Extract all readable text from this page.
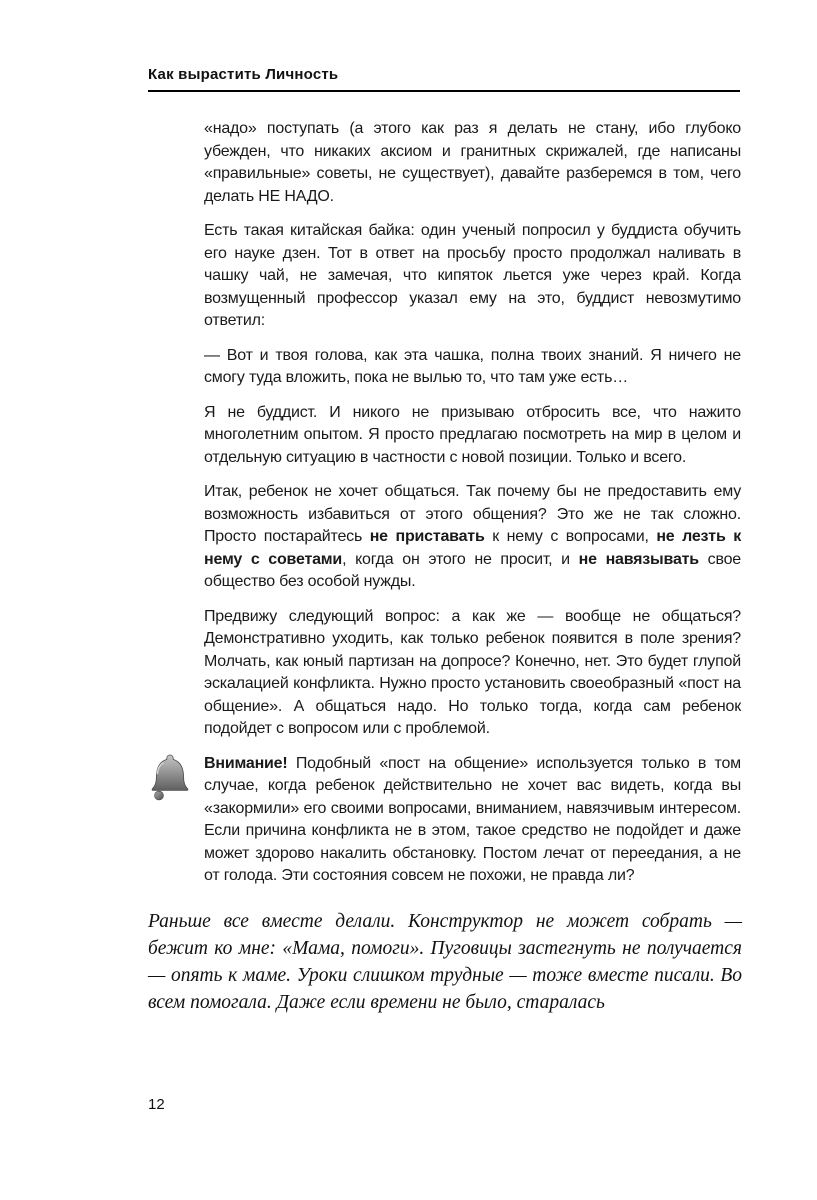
Как вырастить Личность

«надо» поступать (а этого как раз я делать не стану, ибо глубоко убежден, что никаких аксиом и гранитных скрижалей, где написаны «правильные» советы, не существует), давайте разберемся в том, чего делать НЕ НАДО.

Есть такая китайская байка: один ученый попросил у буддиста обучить его науке дзен. Тот в ответ на просьбу просто продолжал наливать в чашку чай, не замечая, что кипяток льется уже через край. Когда возмущенный профессор указал ему на это, буддист невозмутимо ответил:

— Вот и твоя голова, как эта чашка, полна твоих знаний. Я ничего не смогу туда вложить, пока не вылью то, что там уже есть…

Я не буддист. И никого не призываю отбросить все, что нажито многолетним опытом. Я просто предлагаю посмотреть на мир в целом и отдельную ситуацию в частности с новой позиции. Только и всего.

Итак, ребенок не хочет общаться. Так почему бы не предоставить ему возможность избавиться от этого общения? Это же не так сложно. Просто постарайтесь не приставать к нему с вопросами, не лезть к нему с советами, когда он этого не просит, и не навязывать свое общество без особой нужды.

Предвижу следующий вопрос: а как же — вообще не общаться? Демонстративно уходить, как только ребенок появится в поле зрения? Молчать, как юный партизан на допросе? Конечно, нет. Это будет глупой эскалацией конфликта. Нужно просто установить своеобразный «пост на общение». А общаться надо. Но только тогда, когда сам ребенок подойдет с вопросом или с проблемой.

Внимание! Подобный «пост на общение» используется только в том случае, когда ребенок действительно не хочет вас видеть, когда вы «закормили» его своими вопросами, вниманием, навязчивым интересом. Если причина конфликта не в этом, такое средство не подойдет и даже может здорово накалить обстановку. Постом лечат от переедания, а не от голода. Эти состояния совсем не похожи, не правда ли?

Раньше все вместе делали. Конструктор не может собрать — бежит ко мне: «Мама, помоги». Пуговицы застегнуть не получается — опять к маме. Уроки слишком трудные — тоже вместе писали. Во всем помогала. Даже если времени не было, старалась

12
